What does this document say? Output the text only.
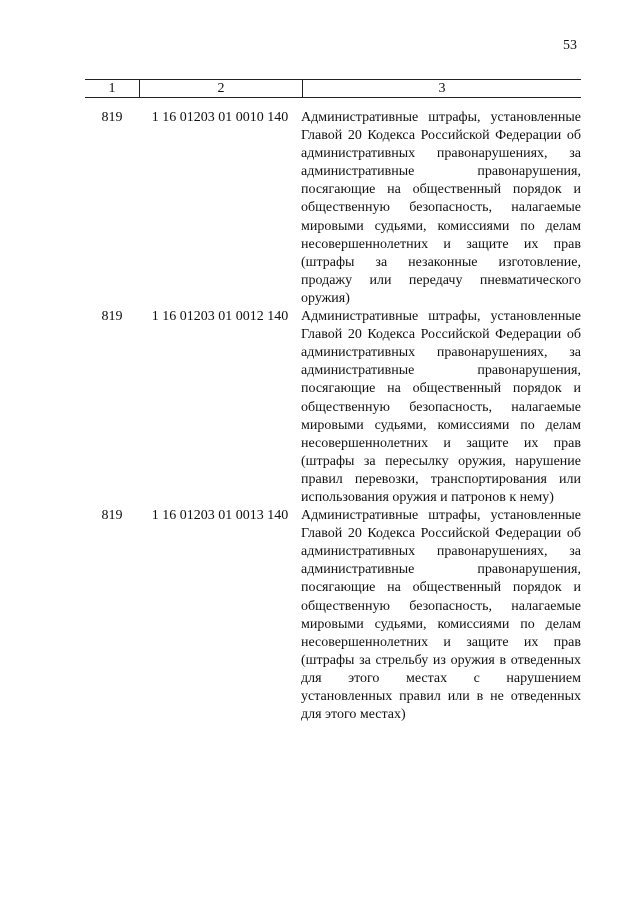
53
1	2	3
819	1 16 01203 01 0010 140 Административные штрафы, установленные Главой 20 Кодекса Российской Федерации об административных правонарушениях, за административные правонарушения, посягающие на общественный порядок и общественную безопасность, налагаемые мировыми судьями, комиссиями по делам несовершеннолетних и защите их прав (штрафы за незаконные изготовление, продажу или передачу пневматического оружия)
819	1 16 01203 01 0012 140 Административные штрафы, установленные Главой 20 Кодекса Российской Федерации об административных правонарушениях, за административные правонарушения, посягающие на общественный порядок и общественную безопасность, налагаемые мировыми судьями, комиссиями по делам несовершеннолетних и защите их прав (штрафы за пересылку оружия, нарушение правил перевозки, транспортирования или использования оружия и патронов к нему)
819	1 16 01203 01 0013 140 Административные штрафы, установленные Главой 20 Кодекса Российской Федерации об административных правонарушениях, за административные правонарушения, посягающие на общественный порядок и общественную безопасность, налагаемые мировыми судьями, комиссиями по делам несовершеннолетних и защите их прав (штрафы за стрельбу из оружия в отведенных для этого местах с нарушением установленных правил или в не отведенных для этого местах)
